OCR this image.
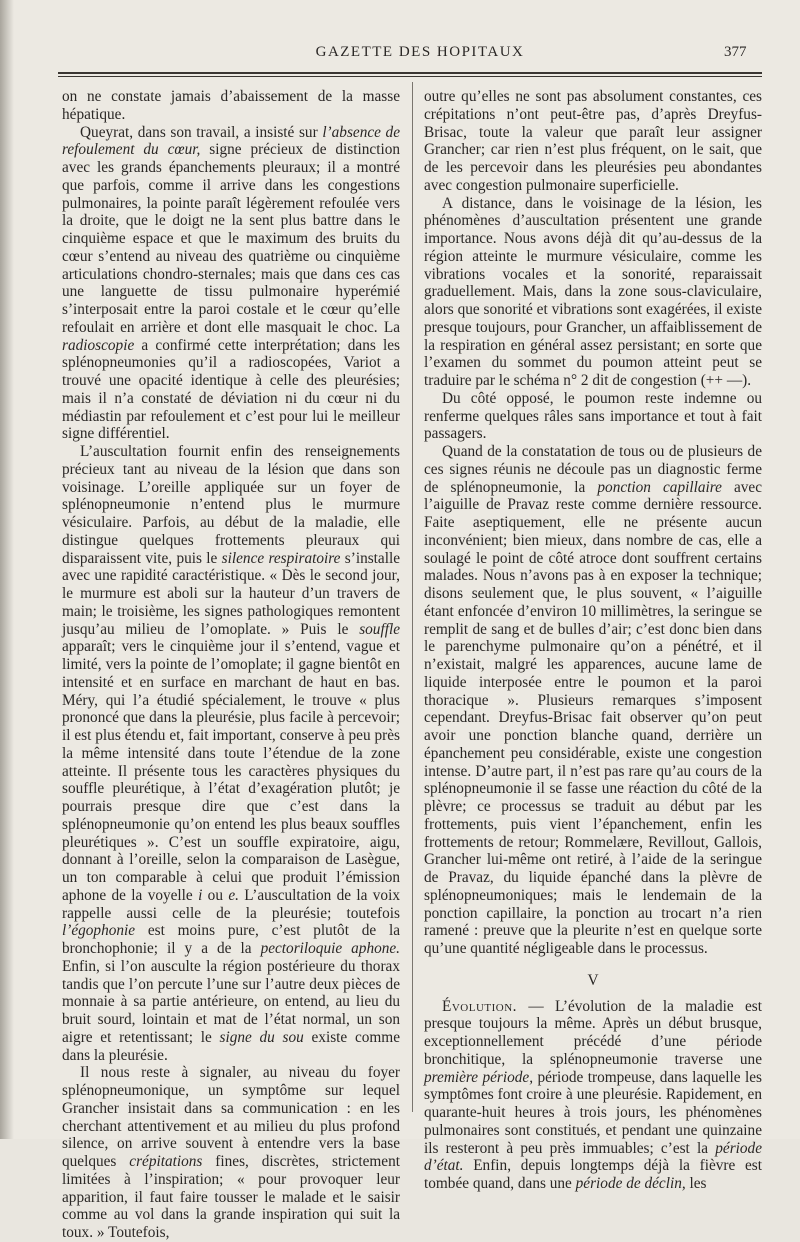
GAZETTE DES HOPITAUX	377

on ne constate jamais d’abaissement de la masse hépatique.

Queyrat, dans son travail, a insisté sur l’absence de refoulement du cœur, signe précieux de distinction avec les grands épanchements pleuraux; il a montré que parfois, comme il arrive dans les congestions pulmonaires, la pointe paraît légèrement refoulée vers la droite, que le doigt ne la sent plus battre dans le cinquième espace et que le maximum des bruits du cœur s’entend au niveau des quatrième ou cinquième articulations chondro-sternales; mais que dans ces cas une languette de tissu pulmonaire hyperémié s’interposait entre la paroi costale et le cœur qu’elle refoulait en arrière et dont elle masquait le choc. La radioscopie a confirmé cette interprétation; dans les splénopneumonies qu’il a radioscopées, Variot a trouvé une opacité identique à celle des pleurésies; mais il n’a constaté de déviation ni du cœur ni du médiastin par refoulement et c’est pour lui le meilleur signe différentiel.

L’auscultation fournit enfin des renseignements précieux tant au niveau de la lésion que dans son voisinage. L’oreille appliquée sur un foyer de splénopneumonie n’entend plus le murmure vésiculaire. Parfois, au début de la maladie, elle distingue quelques frottements pleuraux qui disparaissent vite, puis le silence respiratoire s’installe avec une rapidité caractéristique. « Dès le second jour, le murmure est aboli sur la hauteur d’un travers de main; le troisième, les signes pathologiques remontent jusqu’au milieu de l’omoplate. » Puis le souffle apparaît; vers le cinquième jour il s’entend, vague et limité, vers la pointe de l’omoplate; il gagne bientôt en intensité et en surface en marchant de haut en bas. Méry, qui l’a étudié spécialement, le trouve « plus prononcé que dans la pleurésie, plus facile à percevoir; il est plus étendu et, fait important, conserve à peu près la même intensité dans toute l’étendue de la zone atteinte. Il présente tous les caractères physiques du souffle pleurétique, à l’état d’exagération plutôt; je pourrais presque dire que c’est dans la splénopneumonie qu’on entend les plus beaux souffles pleurétiques ». C’est un souffle expiratoire, aigu, donnant à l’oreille, selon la comparaison de Lasègue, un ton comparable à celui que produit l’émission aphone de la voyelle i ou e. L’auscultation de la voix rappelle aussi celle de la pleurésie; toutefois l’égophonie est moins pure, c’est plutôt de la bronchophonie; il y a de la pectoriloquie aphone. Enfin, si l’on ausculte la région postérieure du thorax tandis que l’on percute l’une sur l’autre deux pièces de monnaie à sa partie antérieure, on entend, au lieu du bruit sourd, lointain et mat de l’état normal, un son aigre et retentissant; le signe du sou existe comme dans la pleurésie.

Il nous reste à signaler, au niveau du foyer splénopneumonique, un symptôme sur lequel Grancher insistait dans sa communication : en les cherchant attentivement et au milieu du plus profond silence, on arrive souvent à entendre vers la base quelques crépitations fines, discrètes, strictement limitées à l’inspiration; « pour provoquer leur apparition, il faut faire tousser le malade et le saisir comme au vol dans la grande inspiration qui suit la toux. » Toutefois,

outre qu’elles ne sont pas absolument constantes, ces crépitations n’ont peut-être pas, d’après Dreyfus-Brisac, toute la valeur que paraît leur assigner Grancher; car rien n’est plus fréquent, on le sait, que de les percevoir dans les pleurésies peu abondantes avec congestion pulmonaire superficielle.

A distance, dans le voisinage de la lésion, les phénomènes d’auscultation présentent une grande importance. Nous avons déjà dit qu’au-dessus de la région atteinte le murmure vésiculaire, comme les vibrations vocales et la sonorité, reparaissait graduellement. Mais, dans la zone sous-claviculaire, alors que sonorité et vibrations sont exagérées, il existe presque toujours, pour Grancher, un affaiblissement de la respiration en général assez persistant; en sorte que l’examen du sommet du poumon atteint peut se traduire par le schéma n° 2 dit de congestion (++ —).

Du côté opposé, le poumon reste indemne ou renferme quelques râles sans importance et tout à fait passagers.

Quand de la constatation de tous ou de plusieurs de ces signes réunis ne découle pas un diagnostic ferme de splénopneumonie, la ponction capillaire avec l’aiguille de Pravaz reste comme dernière ressource. Faite aseptiquement, elle ne présente aucun inconvénient; bien mieux, dans nombre de cas, elle a soulagé le point de côté atroce dont souffrent certains malades. Nous n’avons pas à en exposer la technique; disons seulement que, le plus souvent, « l’aiguille étant enfoncée d’environ 10 millimètres, la seringue se remplit de sang et de bulles d’air; c’est donc bien dans le parenchyme pulmonaire qu’on a pénétré, et il n’existait, malgré les apparences, aucune lame de liquide interposée entre le poumon et la paroi thoracique ». Plusieurs remarques s’imposent cependant. Dreyfus-Brisac fait observer qu’on peut avoir une ponction blanche quand, derrière un épanchement peu considérable, existe une congestion intense. D’autre part, il n’est pas rare qu’au cours de la splénopneumonie il se fasse une réaction du côté de la plèvre; ce processus se traduit au début par les frottements, puis vient l’épanchement, enfin les frottements de retour; Rommelære, Revillout, Gallois, Grancher lui-même ont retiré, à l’aide de la seringue de Pravaz, du liquide épanché dans la plèvre de splénopneumoniques; mais le lendemain de la ponction capillaire, la ponction au trocart n’a rien ramené : preuve que la pleurite n’est en quelque sorte qu’une quantité négligeable dans le processus.

V

Évolution. — L’évolution de la maladie est presque toujours la même. Après un début brusque, exceptionnellement précédé d’une période bronchitique, la splénopneumonie traverse une première période, période trompeuse, dans laquelle les symptômes font croire à une pleurésie. Rapidement, en quarante-huit heures à trois jours, les phénomènes pulmonaires sont constitués, et pendant une quinzaine ils resteront à peu près immuables; c’est la période d’état. Enfin, depuis longtemps déjà la fièvre est tombée quand, dans une période de déclin, les
